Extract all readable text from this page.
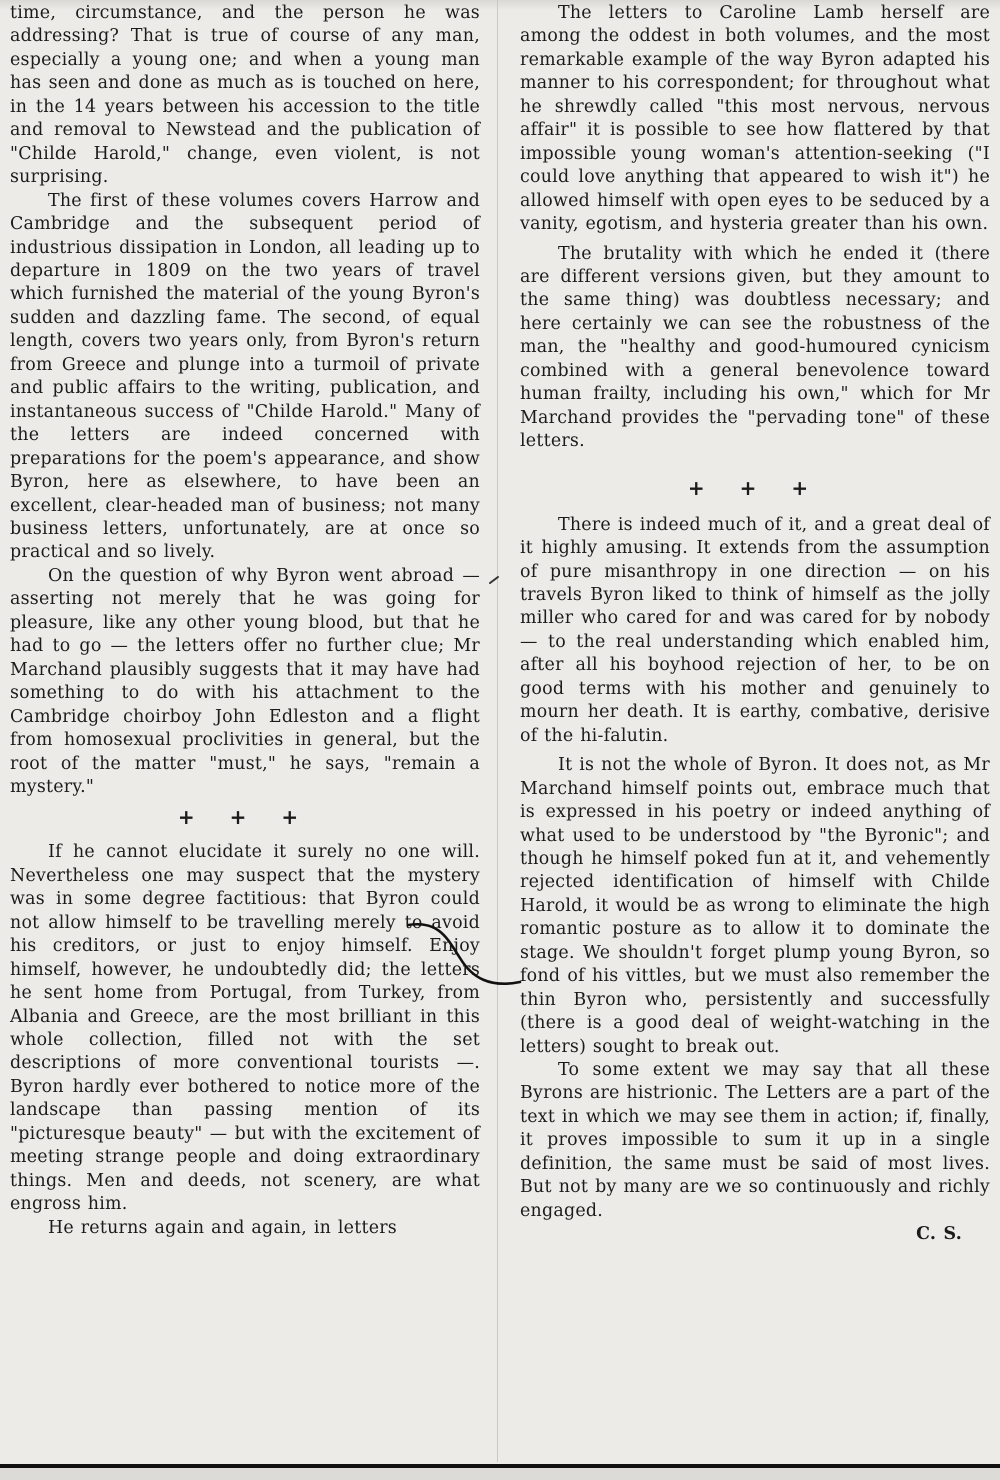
time, circumstance, and the person he was addressing? That is true of course of any man, especially a young one; and when a young man has seen and done as much as is touched on here, in the 14 years between his accession to the title and removal to Newstead and the publication of "Childe Harold," change, even violent, is not surprising.

The first of these volumes covers Harrow and Cambridge and the subsequent period of industrious dissipation in London, all leading up to departure in 1809 on the two years of travel which furnished the material of the young Byron's sudden and dazzling fame. The second, of equal length, covers two years only, from Byron's return from Greece and plunge into a turmoil of private and public affairs to the writing, publication, and instantaneous success of "Childe Harold." Many of the letters are indeed concerned with preparations for the poem's appearance, and show Byron, here as elsewhere, to have been an excellent, clear-headed man of business; not many business letters, unfortunately, are at once so practical and so lively.

On the question of why Byron went abroad — asserting not merely that he was going for pleasure, like any other young blood, but that he had to go — the letters offer no further clue; Mr Marchand plausibly suggests that it may have had something to do with his attachment to the Cambridge choirboy John Edleston and a flight from homosexual proclivities in general, but the root of the matter "must," he says, "remain a mystery."

+ + +

If he cannot elucidate it surely no one will. Nevertheless one may suspect that the mystery was in some degree factitious: that Byron could not allow himself to be travelling merely to avoid his creditors, or just to enjoy himself. Enjoy himself, however, he undoubtedly did; the letters he sent home from Portugal, from Turkey, from Albania and Greece, are the most brilliant in this whole collection, filled not with the set descriptions of more conventional tourists —. Byron hardly ever bothered to notice more of the landscape than passing mention of its "picturesque beauty" — but with the excitement of meeting strange people and doing extraordinary things. Men and deeds, not scenery, are what engross him.

He returns again and again, in letters

The letters to Caroline Lamb herself are among the oddest in both volumes, and the most remarkable example of the way Byron adapted his manner to his correspondent; for throughout what he shrewdly called "this most nervous, nervous affair" it is possible to see how flattered by that impossible young woman's attention-seeking ("I could love anything that appeared to wish it") he allowed himself with open eyes to be seduced by a vanity, egotism, and hysteria greater than his own.

The brutality with which he ended it (there are different versions given, but they amount to the same thing) was doubtless necessary; and here certainly we can see the robustness of the man, the "healthy and good-humoured cynicism combined with a general benevolence toward human frailty, including his own," which for Mr Marchand provides the "pervading tone" of these letters.

+ + +

There is indeed much of it, and a great deal of it highly amusing. It extends from the assumption of pure misanthropy in one direction — on his travels Byron liked to think of himself as the jolly miller who cared for and was cared for by nobody — to the real understanding which enabled him, after all his boyhood rejection of her, to be on good terms with his mother and genuinely to mourn her death. It is earthy, combative, derisive of the hi-falutin.

It is not the whole of Byron. It does not, as Mr Marchand himself points out, embrace much that is expressed in his poetry or indeed anything of what used to be understood by "the Byronic"; and though he himself poked fun at it, and vehemently rejected identification of himself with Childe Harold, it would be as wrong to eliminate the high romantic posture as to allow it to dominate the stage. We shouldn't forget plump young Byron, so fond of his vittles, but we must also remember the thin Byron who, persistently and successfully (there is a good deal of weight-watching in the letters) sought to break out.

To some extent we may say that all these Byrons are histrionic. The Letters are a part of the text in which we may see them in action; if, finally, it proves impossible to sum it up in a single definition, the same must be said of most lives. But not by many are we so continuously and richly engaged.

C. S.
